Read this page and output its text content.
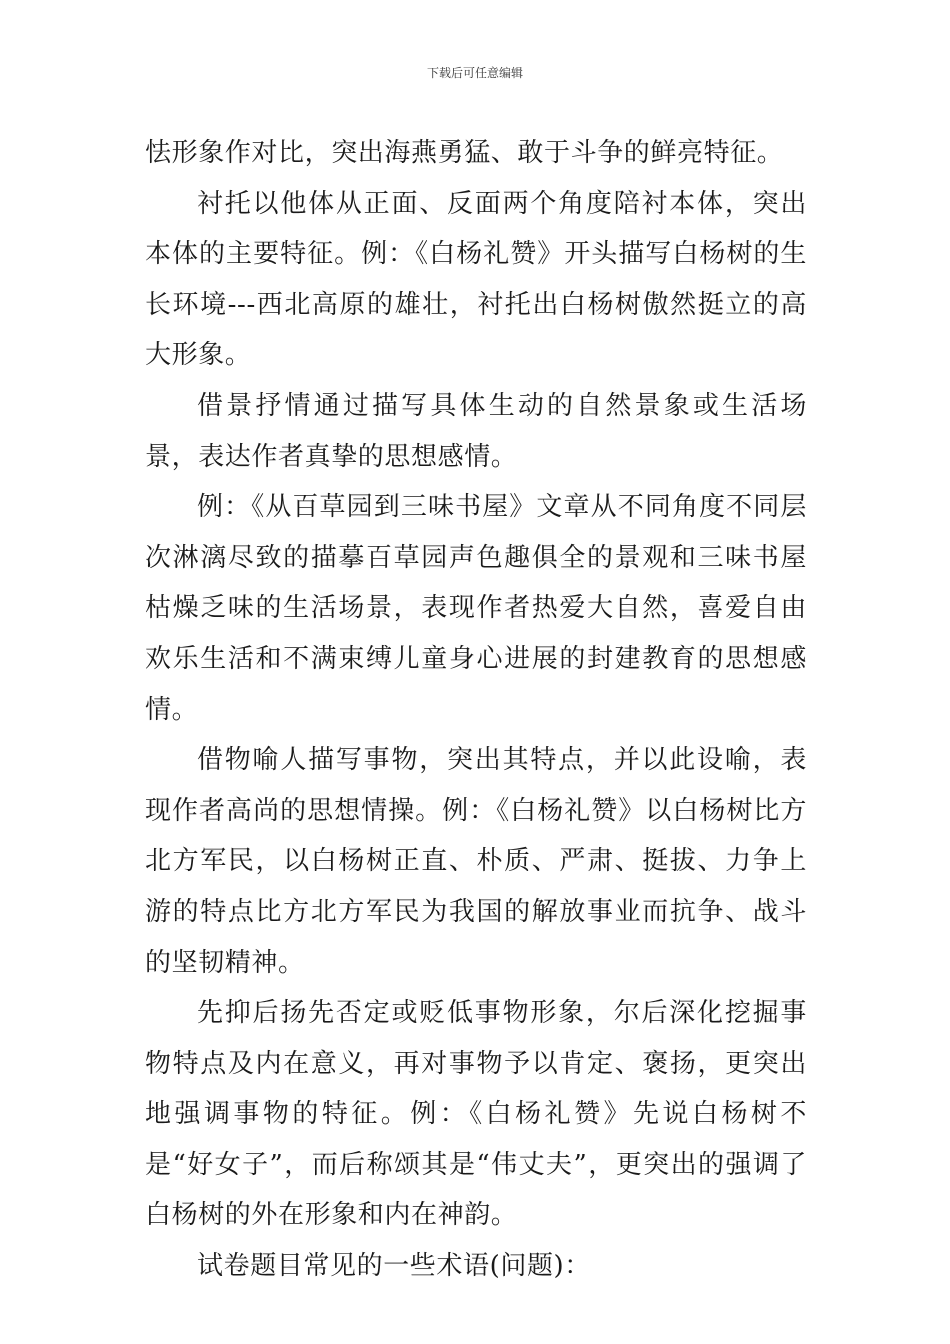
下载后可任意编辑

怯形象作对比，突出海燕勇猛、敢于斗争的鲜亮特征。

衬托以他体从正面、反面两个角度陪衬本体，突出本体的主要特征。例：《白杨礼赞》开头描写白杨树的生长环境---西北高原的雄壮，衬托出白杨树傲然挺立的高大形象。

借景抒情通过描写具体生动的自然景象或生活场景，表达作者真挚的思想感情。

例：《从百草园到三味书屋》文章从不同角度不同层次淋漓尽致的描摹百草园声色趣俱全的景观和三味书屋枯燥乏味的生活场景，表现作者热爱大自然，喜爱自由欢乐生活和不满束缚儿童身心进展的封建教育的思想感情。

借物喻人描写事物，突出其特点，并以此设喻，表现作者高尚的思想情操。例：《白杨礼赞》以白杨树比方北方军民，以白杨树正直、朴质、严肃、挺拔、力争上游的特点比方北方军民为我国的解放事业而抗争、战斗的坚韧精神。

先抑后扬先否定或贬低事物形象，尔后深化挖掘事物特点及内在意义，再对事物予以肯定、褒扬，更突出地强调事物的特征。例：《白杨礼赞》先说白杨树不是“好女子”，而后称颂其是“伟丈夫”，更突出的强调了白杨树的外在形象和内在神韵。

试卷题目常见的一些术语(问题)：
